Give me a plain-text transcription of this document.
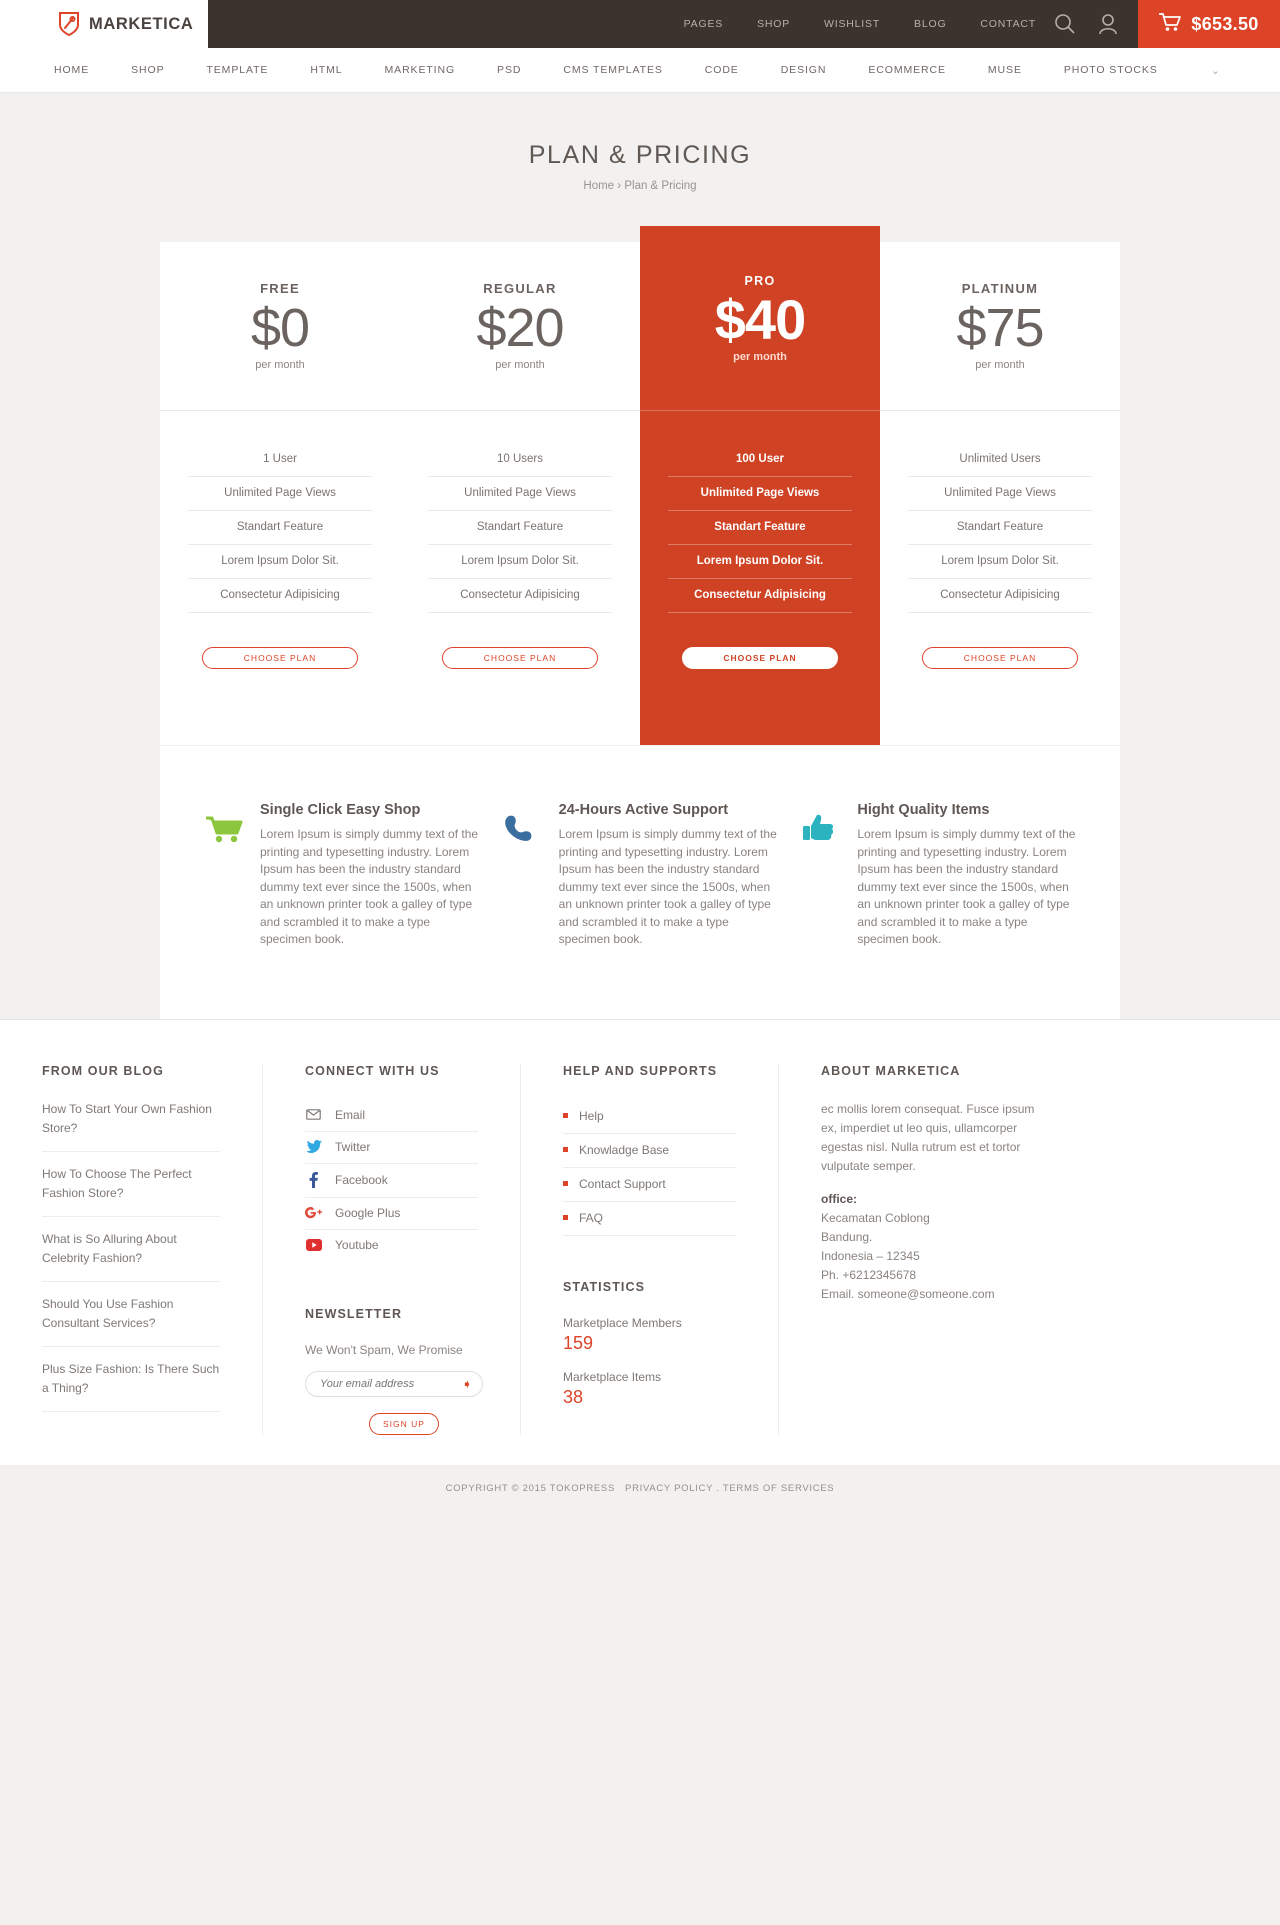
MARKETICA	PAGES	SHOP	WISHLIST	BLOG	CONTACT	$653.50
HOME	SHOP	TEMPLATE	HTML	MARKETING	PSD	CMS TEMPLATES	CODE	DESIGN	ECOMMERCE	MUSE	PHOTO STOCKS	⌄
PLAN & PRICING
Home › Plan & Pricing
FREE
$0
per month
1 User
Unlimited Page Views
Standart Feature
Lorem Ipsum Dolor Sit.
Consectetur Adipisicing
CHOOSE PLAN
REGULAR
$20
per month
10 Users
Unlimited Page Views
Standart Feature
Lorem Ipsum Dolor Sit.
Consectetur Adipisicing
CHOOSE PLAN
PRO
$40
per month
100 User
Unlimited Page Views
Standart Feature
Lorem Ipsum Dolor Sit.
Consectetur Adipisicing
CHOOSE PLAN
PLATINUM
$75
per month
Unlimited Users
Unlimited Page Views
Standart Feature
Lorem Ipsum Dolor Sit.
Consectetur Adipisicing
CHOOSE PLAN
Single Click Easy Shop

Lorem Ipsum is simply dummy text of the printing and typesetting industry. Lorem Ipsum has been the industry standard dummy text ever since the 1500s, when an unknown printer took a galley of type and scrambled it to make a type specimen book.

24-Hours Active Support

Lorem Ipsum is simply dummy text of the printing and typesetting industry. Lorem Ipsum has been the industry standard dummy text ever since the 1500s, when an unknown printer took a galley of type and scrambled it to make a type specimen book.

Hight Quality Items

Lorem Ipsum is simply dummy text of the printing and typesetting industry. Lorem Ipsum has been the industry standard dummy text ever since the 1500s, when an unknown printer took a galley of type and scrambled it to make a type specimen book.

FROM OUR BLOG
How To Start Your Own Fashion Store?
How To Choose The Perfect Fashion Store?
What is So Alluring About Celebrity Fashion?
Should You Use Fashion Consultant Services?
Plus Size Fashion: Is There Such a Thing?
CONNECT WITH US
Email
Twitter
Facebook
Google Plus
Youtube
NEWSLETTER
We Won't Spam, We Promise
Your email address
➧
SIGN UP
HELP AND SUPPORTS
Help
Knowladge Base
Contact Support
FAQ
STATISTICS
Marketplace Members
159
Marketplace Items
38
ABOUT MARKETICA

ec mollis lorem consequat. Fusce ipsum ex, imperdiet ut leo quis, ullamcorper egestas nisl. Nulla rutrum est et tortor vulputate semper.

office:
Kecamatan Coblong
Bandung.
Indonesia – 12345
Ph. +6212345678
Email. someone@someone.com
COPYRIGHT © 2015 TOKOPRESS PRIVACY POLICY . TERMS OF SERVICES
